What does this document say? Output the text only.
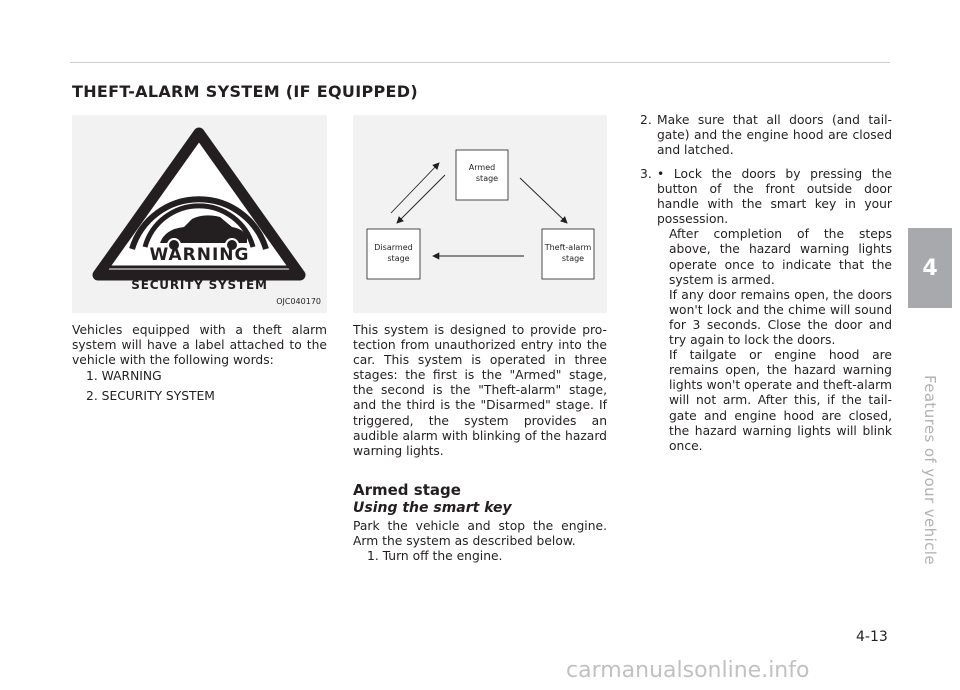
THEFT-ALARM SYSTEM (IF EQUIPPED)
WARNING
SECURITY SYSTEM
OJC040170
Armed
stage
Disarmed
stage
Theft-alarm
stage

Vehicles equipped with a theft alarm system will have a label attached to the vehicle with the following words:

1. WARNING
2. SECURITY SYSTEM

This system is designed to provide pro-tection from unauthorized entry into the car. This system is operated in three stages: the first is the "Armed" stage, the second is the "Theft-alarm" stage, and the third is the "Disarmed" stage. If triggered, the system provides an audible alarm with blinking of the hazard warning lights.

Armed stage
Using the smart key

Park the vehicle and stop the engine. Arm the system as described below.

1. Turn off the engine.

2. Make sure that all doors (and tail-gate) and the engine hood are closed and latched.

3. • Lock the doors by pressing the button of the front outside door handle with the smart key in your possession.

After completion of the steps above, the hazard warning lights operate once to indicate that the system is armed.

If any door remains open, the doors won't lock and the chime will sound for 3 seconds. Close the door and try again to lock the doors.

If tailgate or engine hood are remains open, the hazard warning lights won't operate and theft-alarm will not arm. After this, if the tail-gate and engine hood are closed, the hazard warning lights will blink once.

4
Features of your vehicle
4-13
carmanualsonline.info
